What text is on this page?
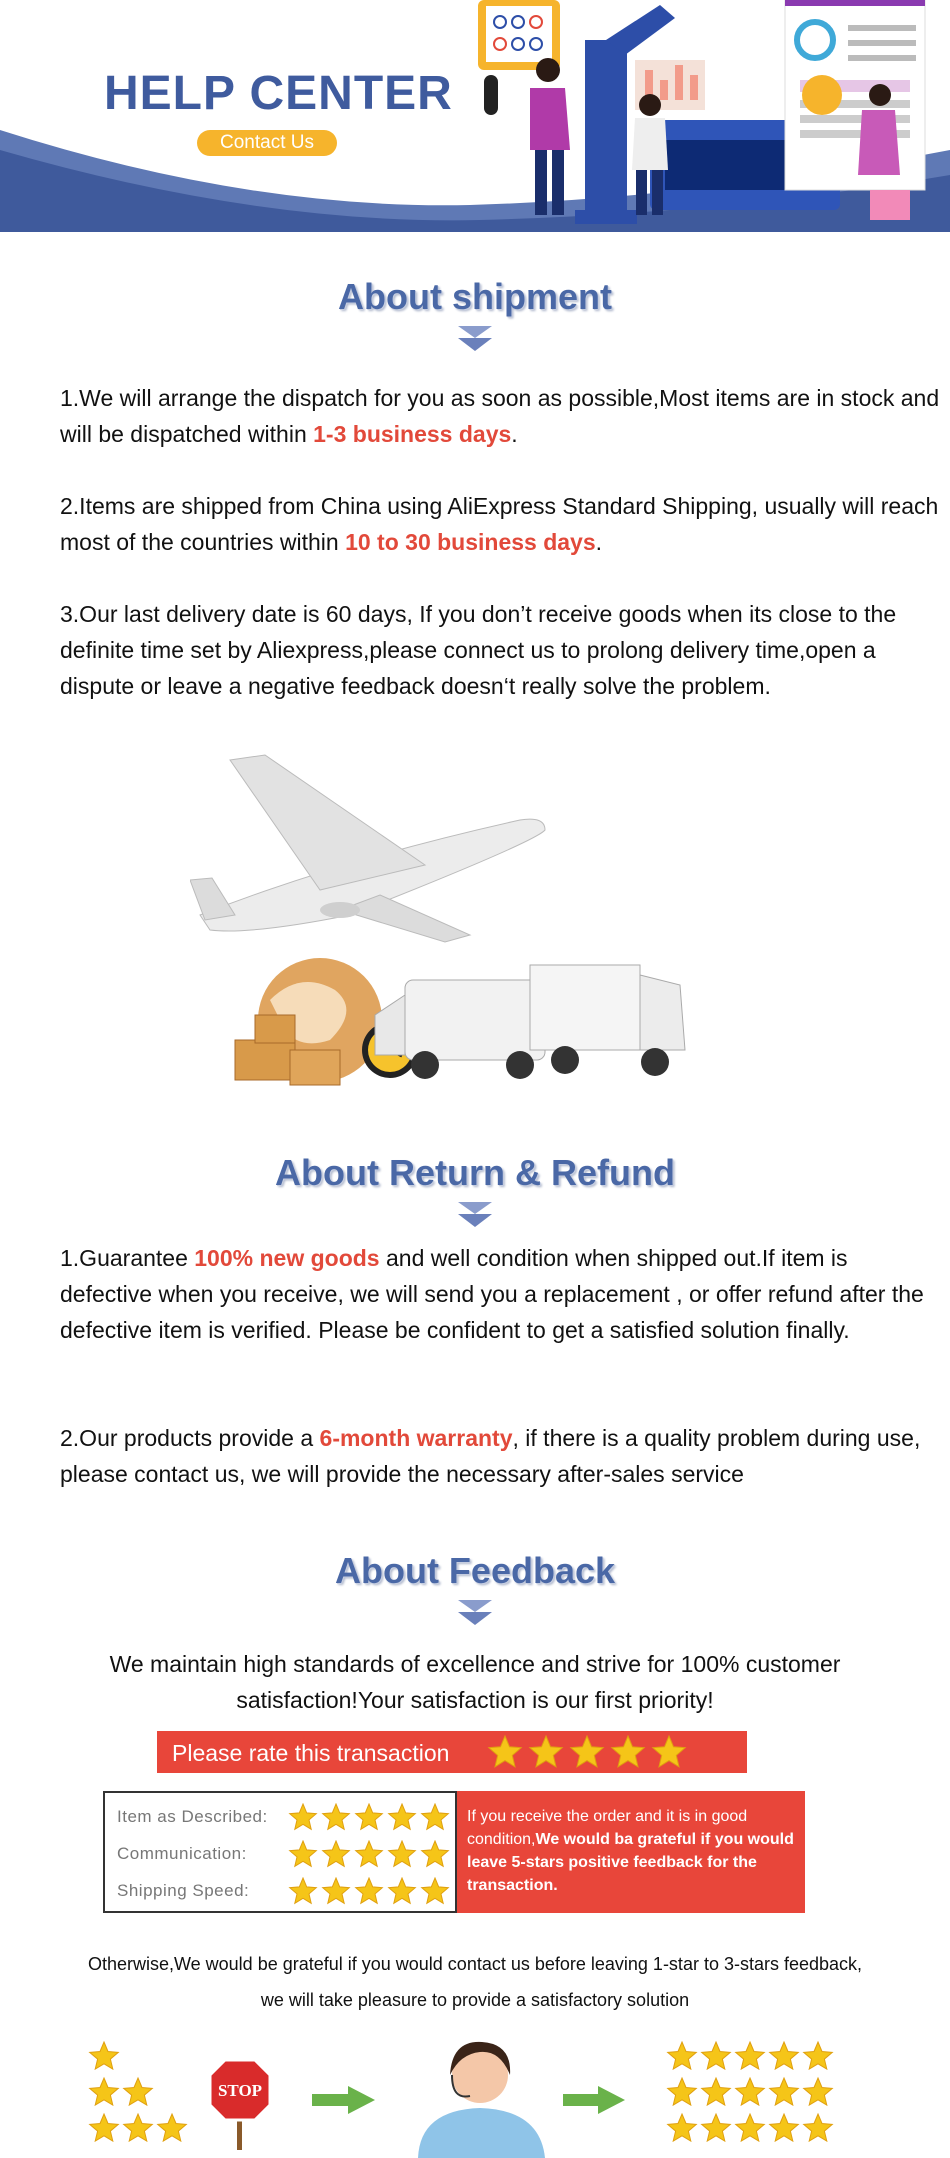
HELP CENTER
Contact Us
About shipment
1.We will arrange the dispatch for you as soon as possible,Most items are in stock and will be dispatched within 1-3 business days.
2.Items are shipped from China using AliExpress Standard Shipping, usually will reach most of the countries within 10 to 30 business days.
3.Our last delivery date is 60 days, If you don’t receive goods when its close to the definite time set by Aliexpress,please connect us to prolong delivery time,open a dispute or leave a negative feedback doesn‘t really solve the problem.
About Return & Refund
1.Guarantee 100% new goods and well condition when shipped out.If item is defective when you receive, we will send you a replacement , or offer refund after the defective item is verified. Please be confident to get a satisfied solution finally.
2.Our products provide a 6-month warranty, if there is a quality problem during use, please contact us, we will provide the necessary after-sales service
About Feedback
We maintain high standards of excellence and strive for 100% customer satisfaction!Your satisfaction is our first priority!
Please rate this transaction
Item as Described:
Communication:
Shipping Speed:
If you receive the order and it is in good condition,We would ba grateful if you would leave 5-stars positive feedback for the transaction.
Otherwise,We would be grateful if you would contact us before leaving 1-star to 3-stars feedback,
we will take pleasure to provide a satisfactory solution
STOP
